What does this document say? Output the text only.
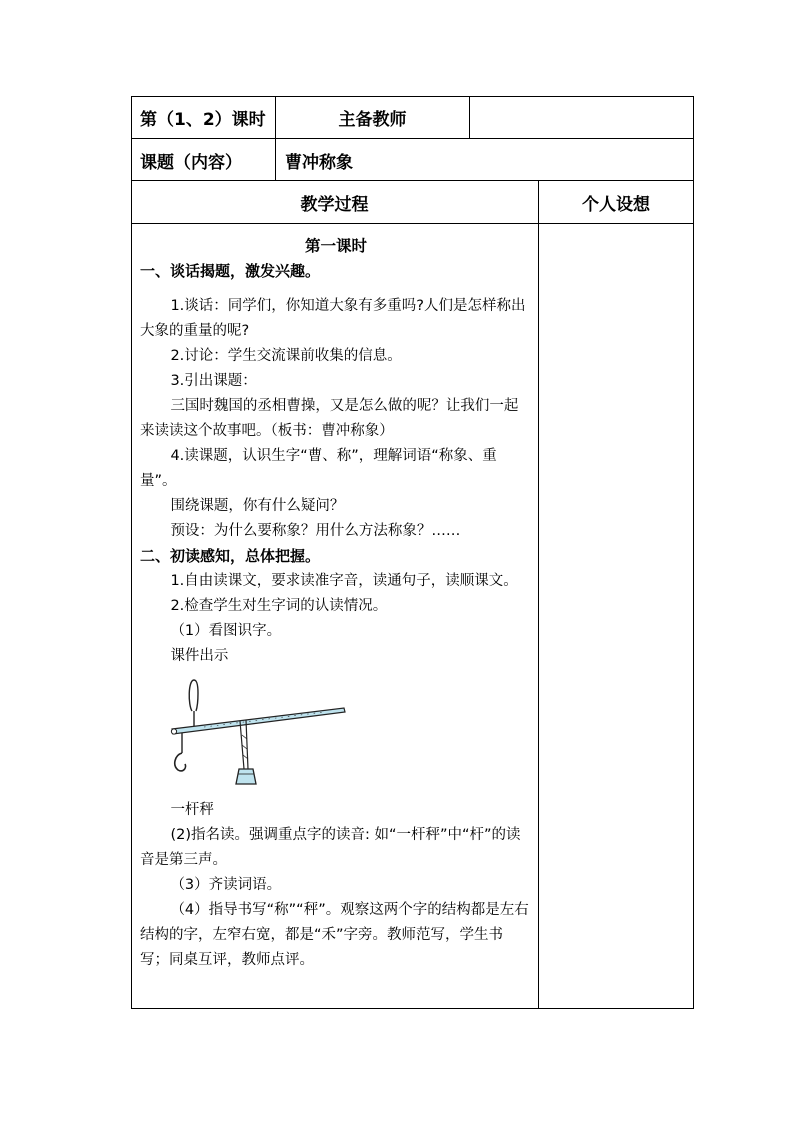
第（1、2）课时	主备教师
课题（内容）	曹冲称象
教学过程	个人设想

第一课时

一、谈话揭题，激发兴趣。

1.谈话：同学们，你知道大象有多重吗?人们是怎样称出大象的重量的呢?

2.讨论：学生交流课前收集的信息。

3.引出课题：

三国时魏国的丞相曹操，又是怎么做的呢？让我们一起来读读这个故事吧。（板书：曹冲称象）

4.读课题，认识生字“曹、称”，理解词语“称象、重量”。

围绕课题，你有什么疑问？

预设：为什么要称象？用什么方法称象？……

二、初读感知，总体把握。

1.自由读课文，要求读准字音，读通句子，读顺课文。

2.检查学生对生字词的认读情况。

（1）看图识字。

课件出示

一杆秤

(2)指名读。强调重点字的读音: 如“一杆秤”中“杆”的读音是第三声。

（3）齐读词语。

（4）指导书写“称”“秤”。观察这两个字的结构都是左右结构的字，左窄右宽，都是“禾”字旁。教师范写，学生书写；同桌互评，教师点评。
